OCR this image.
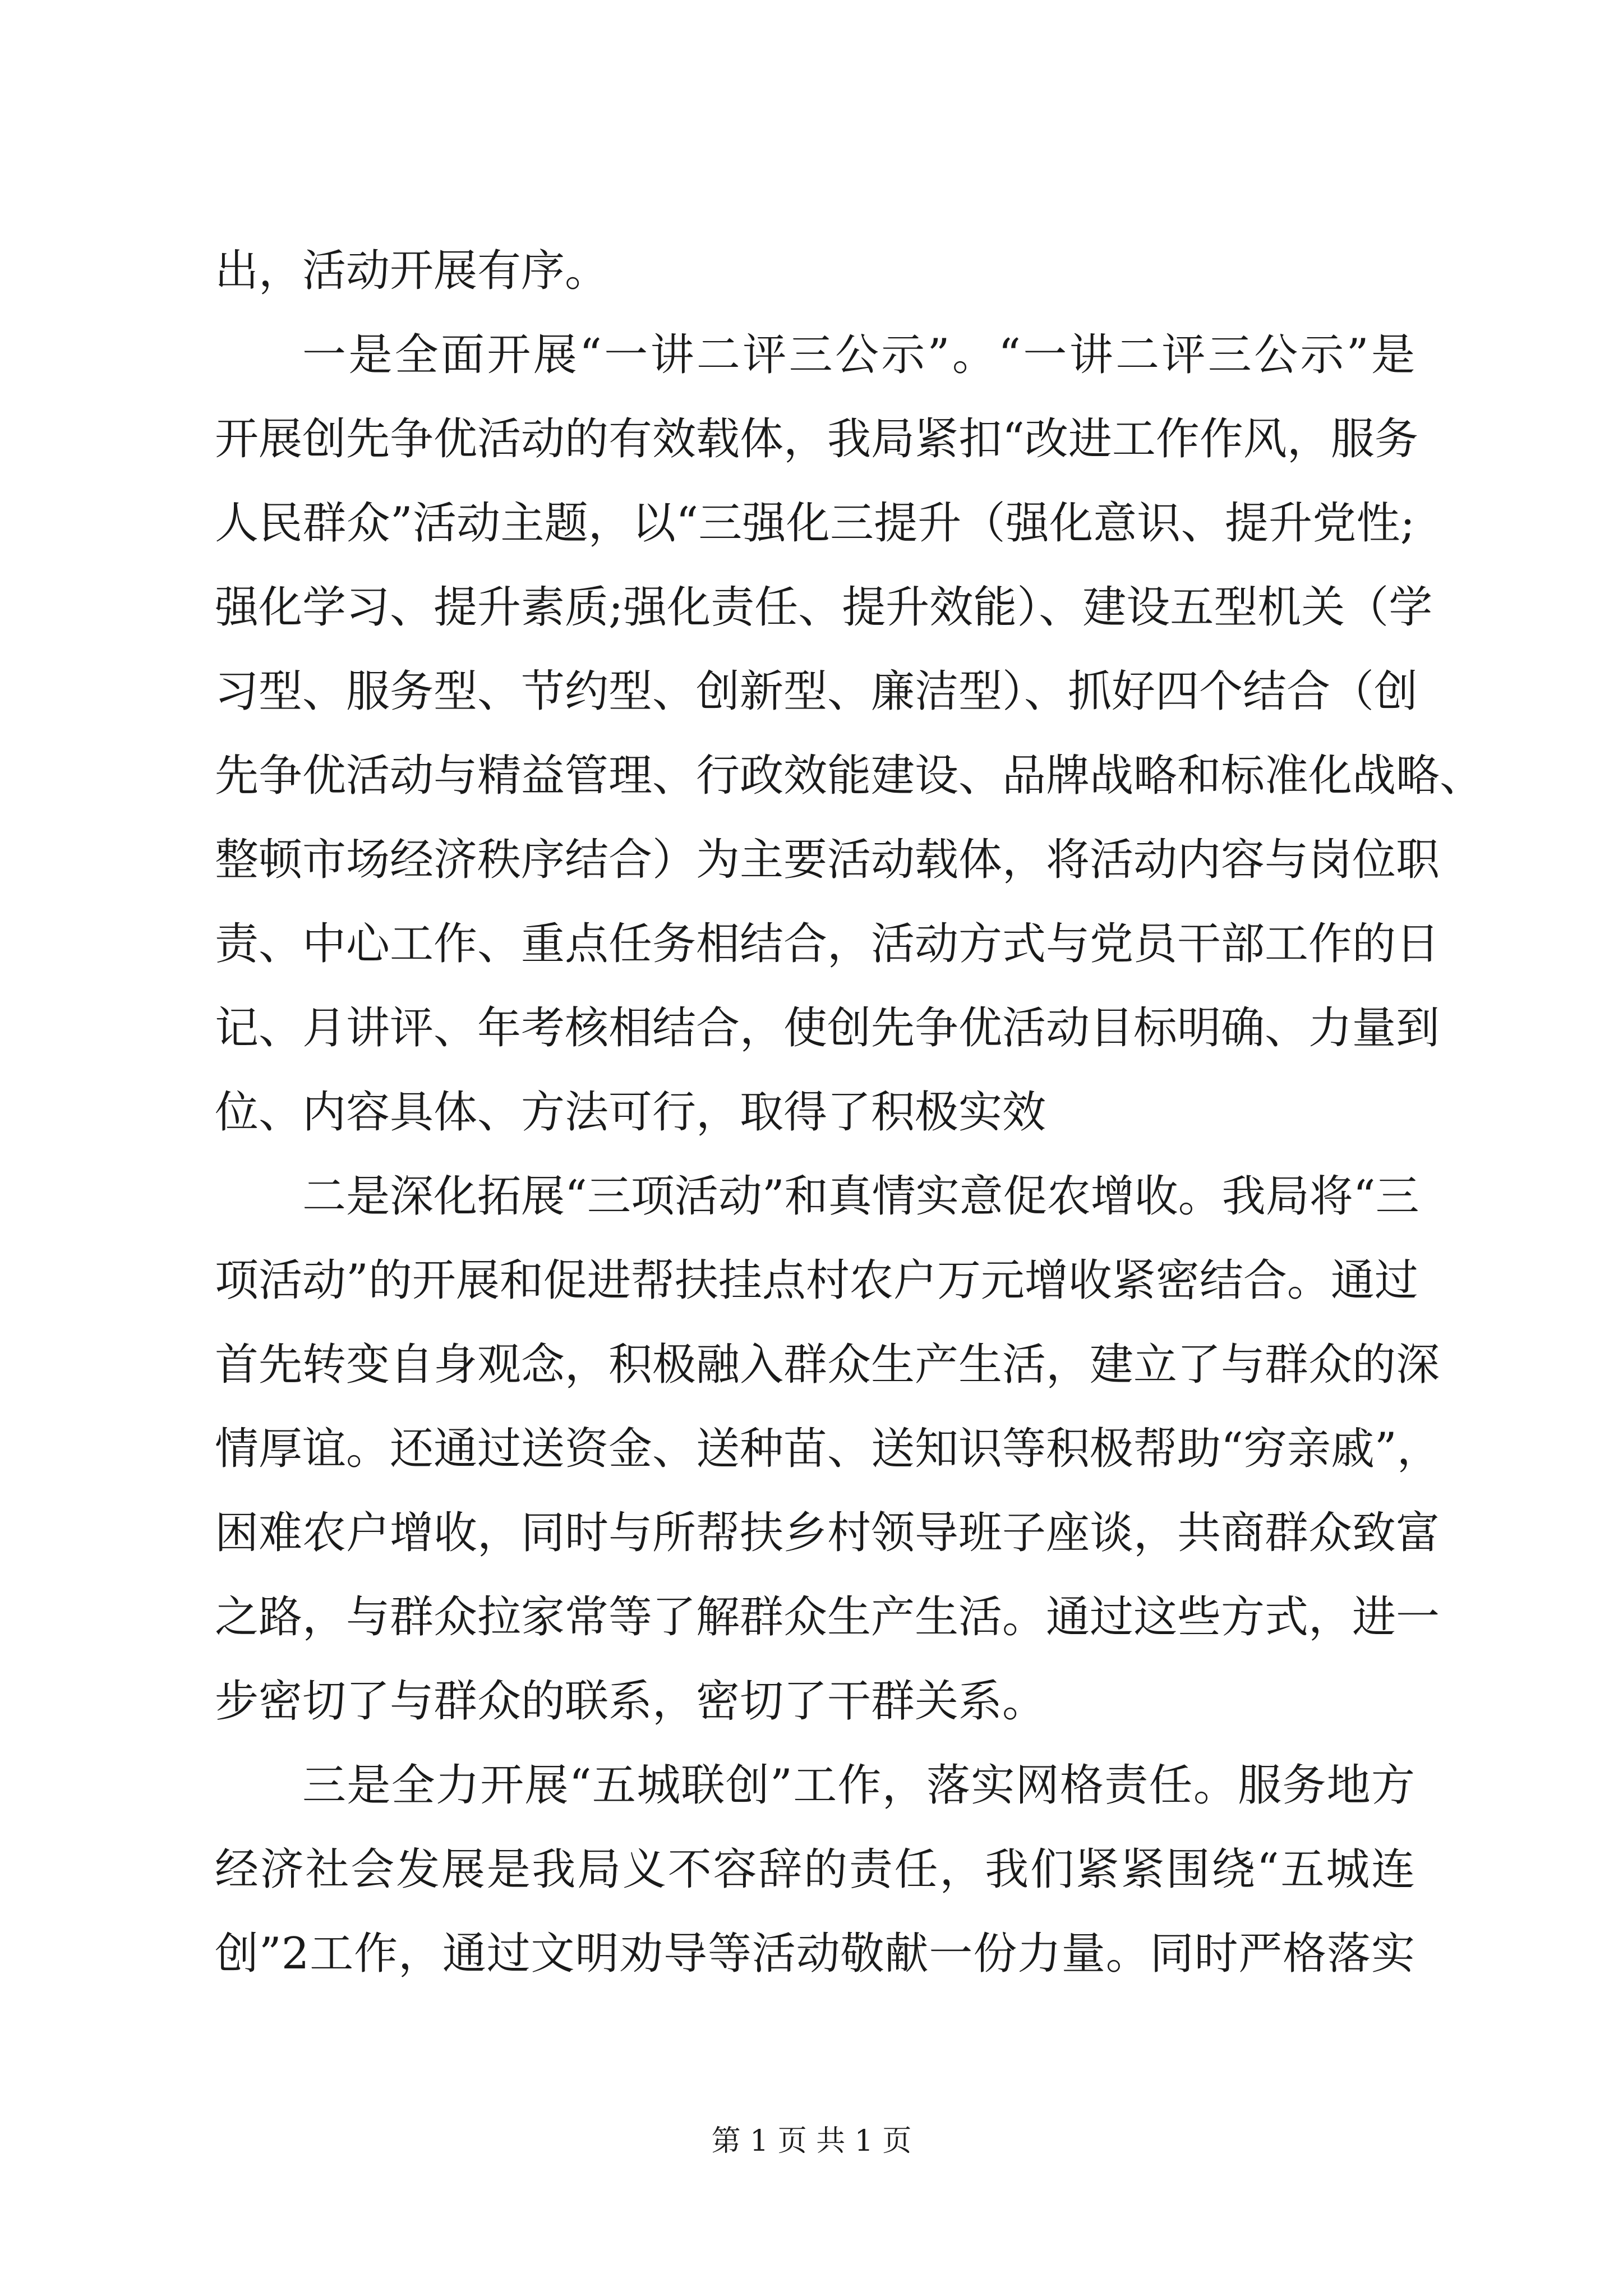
出，活动开展有序。
一是全面开展“一讲二评三公示”。“一讲二评三公示”是
开展创先争优活动的有效载体，我局紧扣“改进工作作风，服务
人民群众”活动主题，以“三强化三提升（强化意识、提升党性;
强化学习、提升素质;强化责任、提升效能）、建设五型机关（学
习型、服务型、节约型、创新型、廉洁型）、抓好四个结合（创
先争优活动与精益管理、行政效能建设、品牌战略和标准化战略、
整顿市场经济秩序结合）为主要活动载体，将活动内容与岗位职
责、中心工作、重点任务相结合，活动方式与党员干部工作的日
记、月讲评、年考核相结合，使创先争优活动目标明确、力量到
位、内容具体、方法可行，取得了积极实效
二是深化拓展“三项活动”和真情实意促农增收。我局将“三
项活动”的开展和促进帮扶挂点村农户万元增收紧密结合。通过
首先转变自身观念，积极融入群众生产生活，建立了与群众的深
情厚谊。还通过送资金、送种苗、送知识等积极帮助“穷亲戚”，
困难农户增收，同时与所帮扶乡村领导班子座谈，共商群众致富
之路，与群众拉家常等了解群众生产生活。通过这些方式，进一
步密切了与群众的联系，密切了干群关系。
三是全力开展“五城联创”工作，落实网格责任。服务地方
经济社会发展是我局义不容辞的责任，我们紧紧围绕“五城连
创”2工作，通过文明劝导等活动敬献一份力量。同时严格落实
第 1 页 共 1 页
